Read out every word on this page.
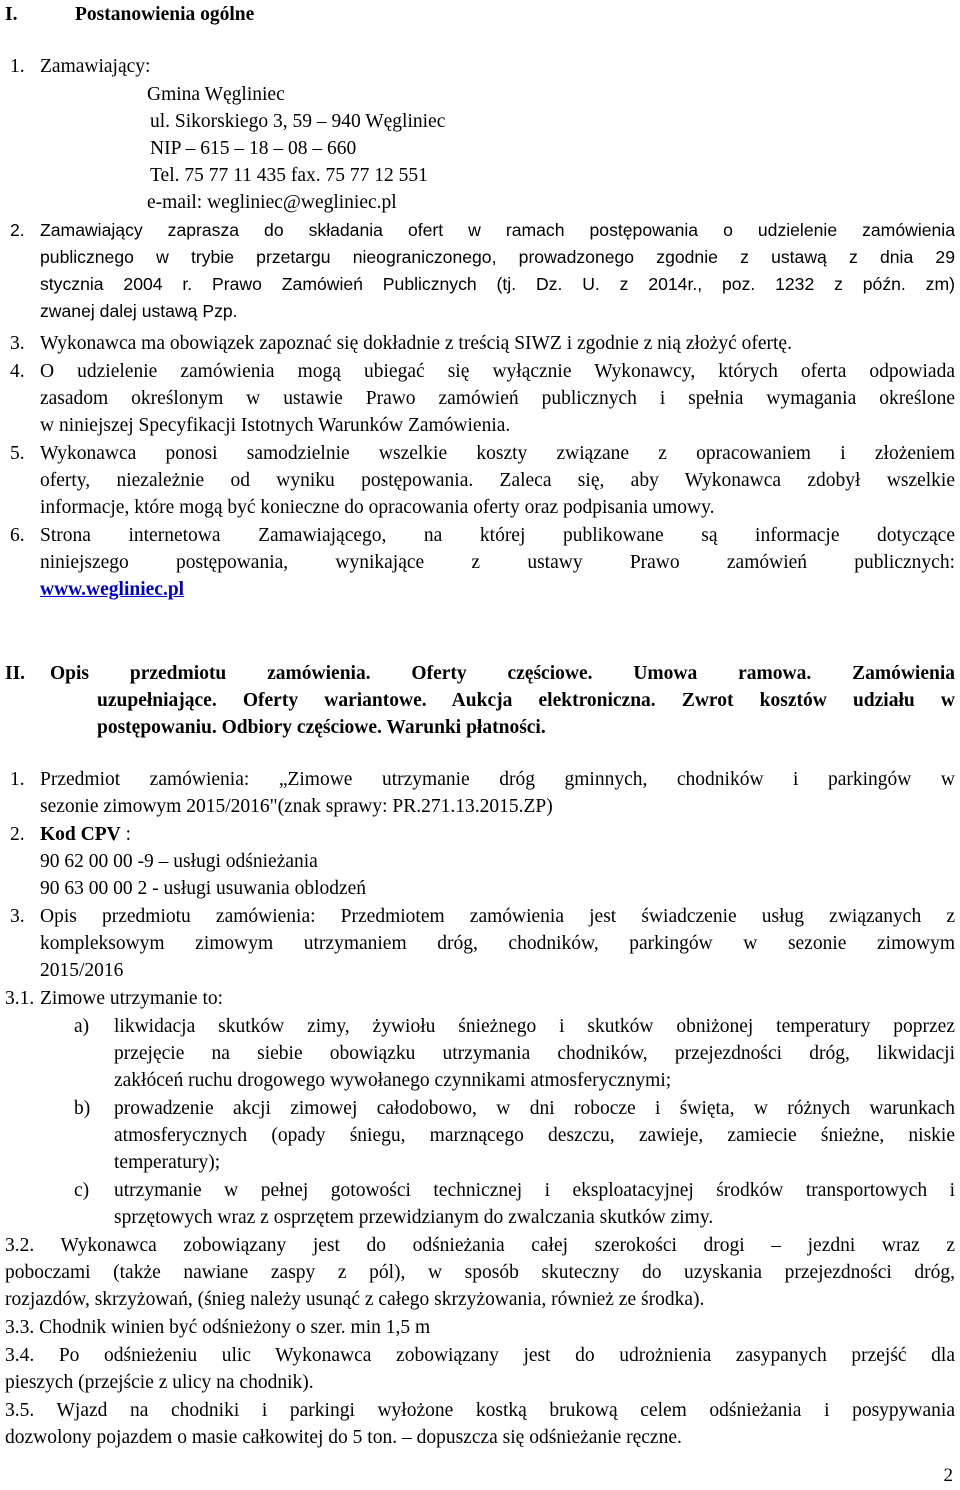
I.	Postanowienia ogólne
1. Zamawiający:
Gmina Węgliniec
ul. Sikorskiego 3, 59 – 940 Węgliniec
NIP – 615 – 18 – 08 – 660
Tel. 75 77 11 435 fax. 75 77 12 551
e-mail: wegliniec@wegliniec.pl
2. Zamawiający zaprasza do składania ofert w ramach postępowania o udzielenie zamówienia
publicznego w trybie przetargu nieograniczonego, prowadzonego zgodnie z ustawą z dnia 29
stycznia 2004 r. Prawo Zamówień Publicznych (tj. Dz. U. z 2014r., poz. 1232 z późn. zm)
zwanej dalej ustawą Pzp.
3. Wykonawca ma obowiązek zapoznać się dokładnie z treścią SIWZ i zgodnie z nią złożyć ofertę.
4. O udzielenie zamówienia mogą ubiegać się wyłącznie Wykonawcy, których oferta odpowiada
zasadom określonym w ustawie Prawo zamówień publicznych i spełnia wymagania określone
w niniejszej Specyfikacji Istotnych Warunków Zamówienia.
5. Wykonawca ponosi samodzielnie wszelkie koszty związane z opracowaniem i złożeniem
oferty, niezależnie od wyniku postępowania. Zaleca się, aby Wykonawca zdobył wszelkie
informacje, które mogą być konieczne do opracowania oferty oraz podpisania umowy.
6. Strona internetowa Zamawiającego, na której publikowane są informacje dotyczące
niniejszego postępowania, wynikające z ustawy Prawo zamówień publicznych:
www.wegliniec.pl
II. Opis przedmiotu zamówienia. Oferty częściowe. Umowa ramowa. Zamówienia
uzupełniające. Oferty wariantowe. Aukcja elektroniczna. Zwrot kosztów udziału w
postępowaniu. Odbiory częściowe. Warunki płatności.
1. Przedmiot zamówienia: „Zimowe utrzymanie dróg gminnych, chodników i parkingów w
sezonie zimowym 2015/2016"(znak sprawy: PR.271.13.2015.ZP)
2. Kod CPV :
90 62 00 00 -9 – usługi odśnieżania
90 63 00 00 2 - usługi usuwania oblodzeń
3. Opis przedmiotu zamówienia: Przedmiotem zamówienia jest świadczenie usług związanych z
kompleksowym zimowym utrzymaniem dróg, chodników, parkingów w sezonie zimowym
2015/2016
3.1. Zimowe utrzymanie to:
a) likwidacja skutków zimy, żywiołu śnieżnego i skutków obniżonej temperatury poprzez
przejęcie na siebie obowiązku utrzymania chodników, przejezdności dróg, likwidacji
zakłóceń ruchu drogowego wywołanego czynnikami atmosferycznymi;
b) prowadzenie akcji zimowej całodobowo, w dni robocze i święta, w różnych warunkach
atmosferycznych (opady śniegu, marznącego deszczu, zawieje, zamiecie śnieżne, niskie
temperatury);
c) utrzymanie w pełnej gotowości technicznej i eksploatacyjnej środków transportowych i
sprzętowych wraz z osprzętem przewidzianym do zwalczania skutków zimy.
3.2. Wykonawca zobowiązany jest do odśnieżania całej szerokości drogi – jezdni wraz z
poboczami (także nawiane zaspy z pól), w sposób skuteczny do uzyskania przejezdności dróg,
rozjazdów, skrzyżowań, (śnieg należy usunąć z całego skrzyżowania, również ze środka).
3.3. Chodnik winien być odśnieżony o szer. min 1,5 m
3.4. Po odśnieżeniu ulic Wykonawca zobowiązany jest do udrożnienia zasypanych przejść dla
pieszych (przejście z ulicy na chodnik).
3.5. Wjazd na chodniki i parkingi wyłożone kostką brukową celem odśnieżania i posypywania
dozwolony pojazdem o masie całkowitej do 5 ton. – dopuszcza się odśnieżanie ręczne.
2
